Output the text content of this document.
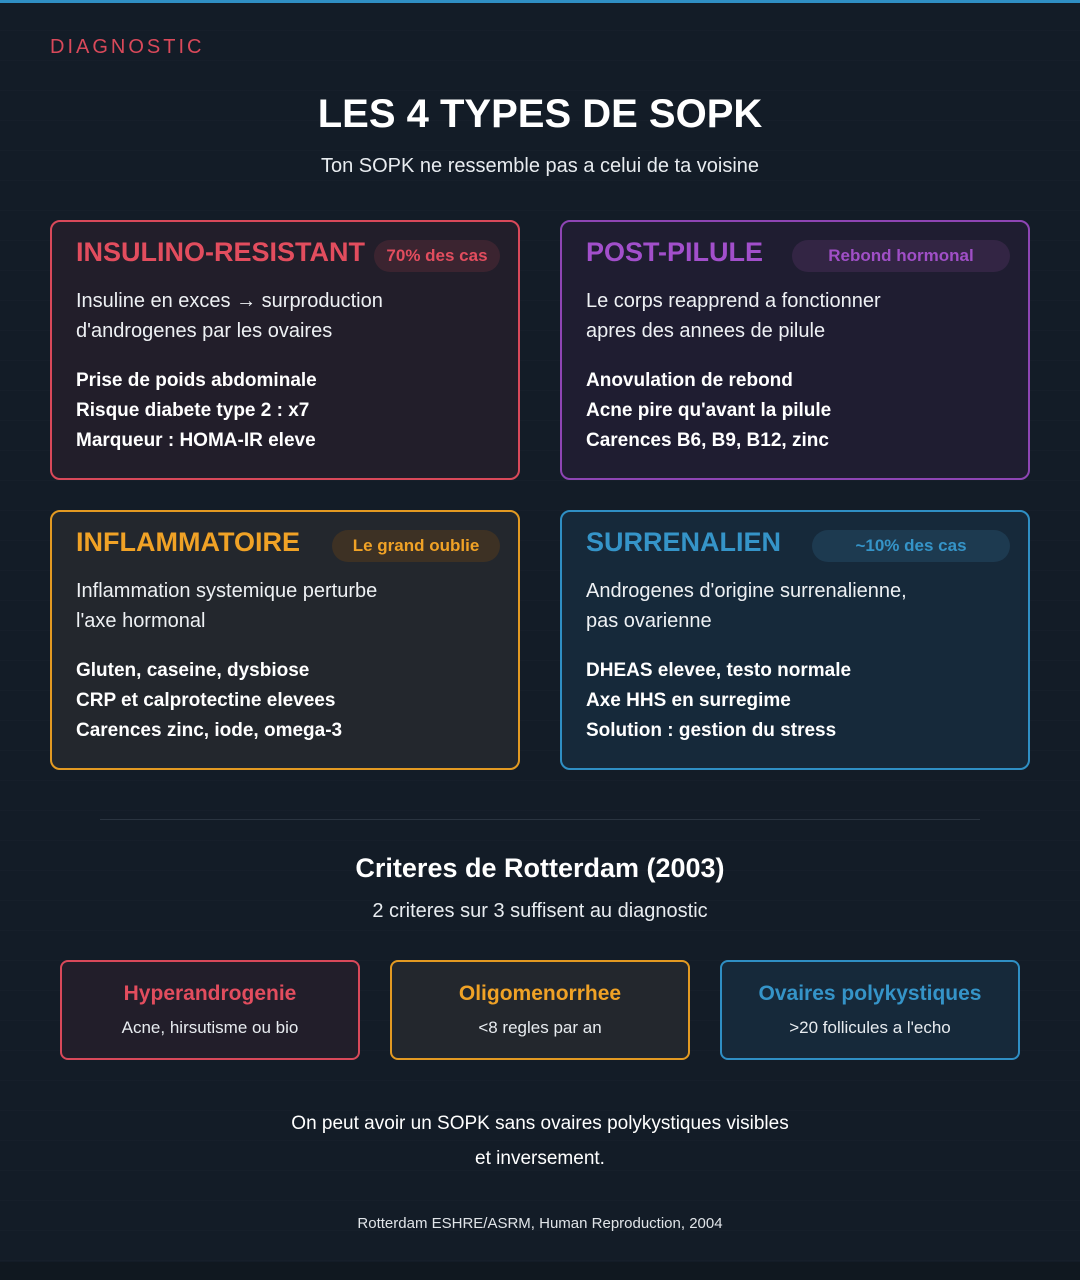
DIAGNOSTIC
LES 4 TYPES DE SOPK
Ton SOPK ne ressemble pas a celui de ta voisine
INSULINO-RESISTANT	70% des cas
Insuline en exces → surproduction
d'androgenes par les ovaires
Prise de poids abdominale
Risque diabete type 2 : x7
Marqueur : HOMA-IR eleve
POST-PILULE	Rebond hormonal
Le corps reapprend a fonctionner
apres des annees de pilule
Anovulation de rebond
Acne pire qu'avant la pilule
Carences B6, B9, B12, zinc
INFLAMMATOIRE	Le grand oublie
Inflammation systemique perturbe
l'axe hormonal
Gluten, caseine, dysbiose
CRP et calprotectine elevees
Carences zinc, iode, omega-3
SURRENALIEN	~10% des cas
Androgenes d'origine surrenalienne,
pas ovarienne
DHEAS elevee, testo normale
Axe HHS en surregime
Solution : gestion du stress
Criteres de Rotterdam (2003)
2 criteres sur 3 suffisent au diagnostic
Hyperandrogenie
Acne, hirsutisme ou bio
Oligomenorrhee
<8 regles par an
Ovaires polykystiques
>20 follicules a l'echo
On peut avoir un SOPK sans ovaires polykystiques visibles
et inversement.
Rotterdam ESHRE/ASRM, Human Reproduction, 2004
